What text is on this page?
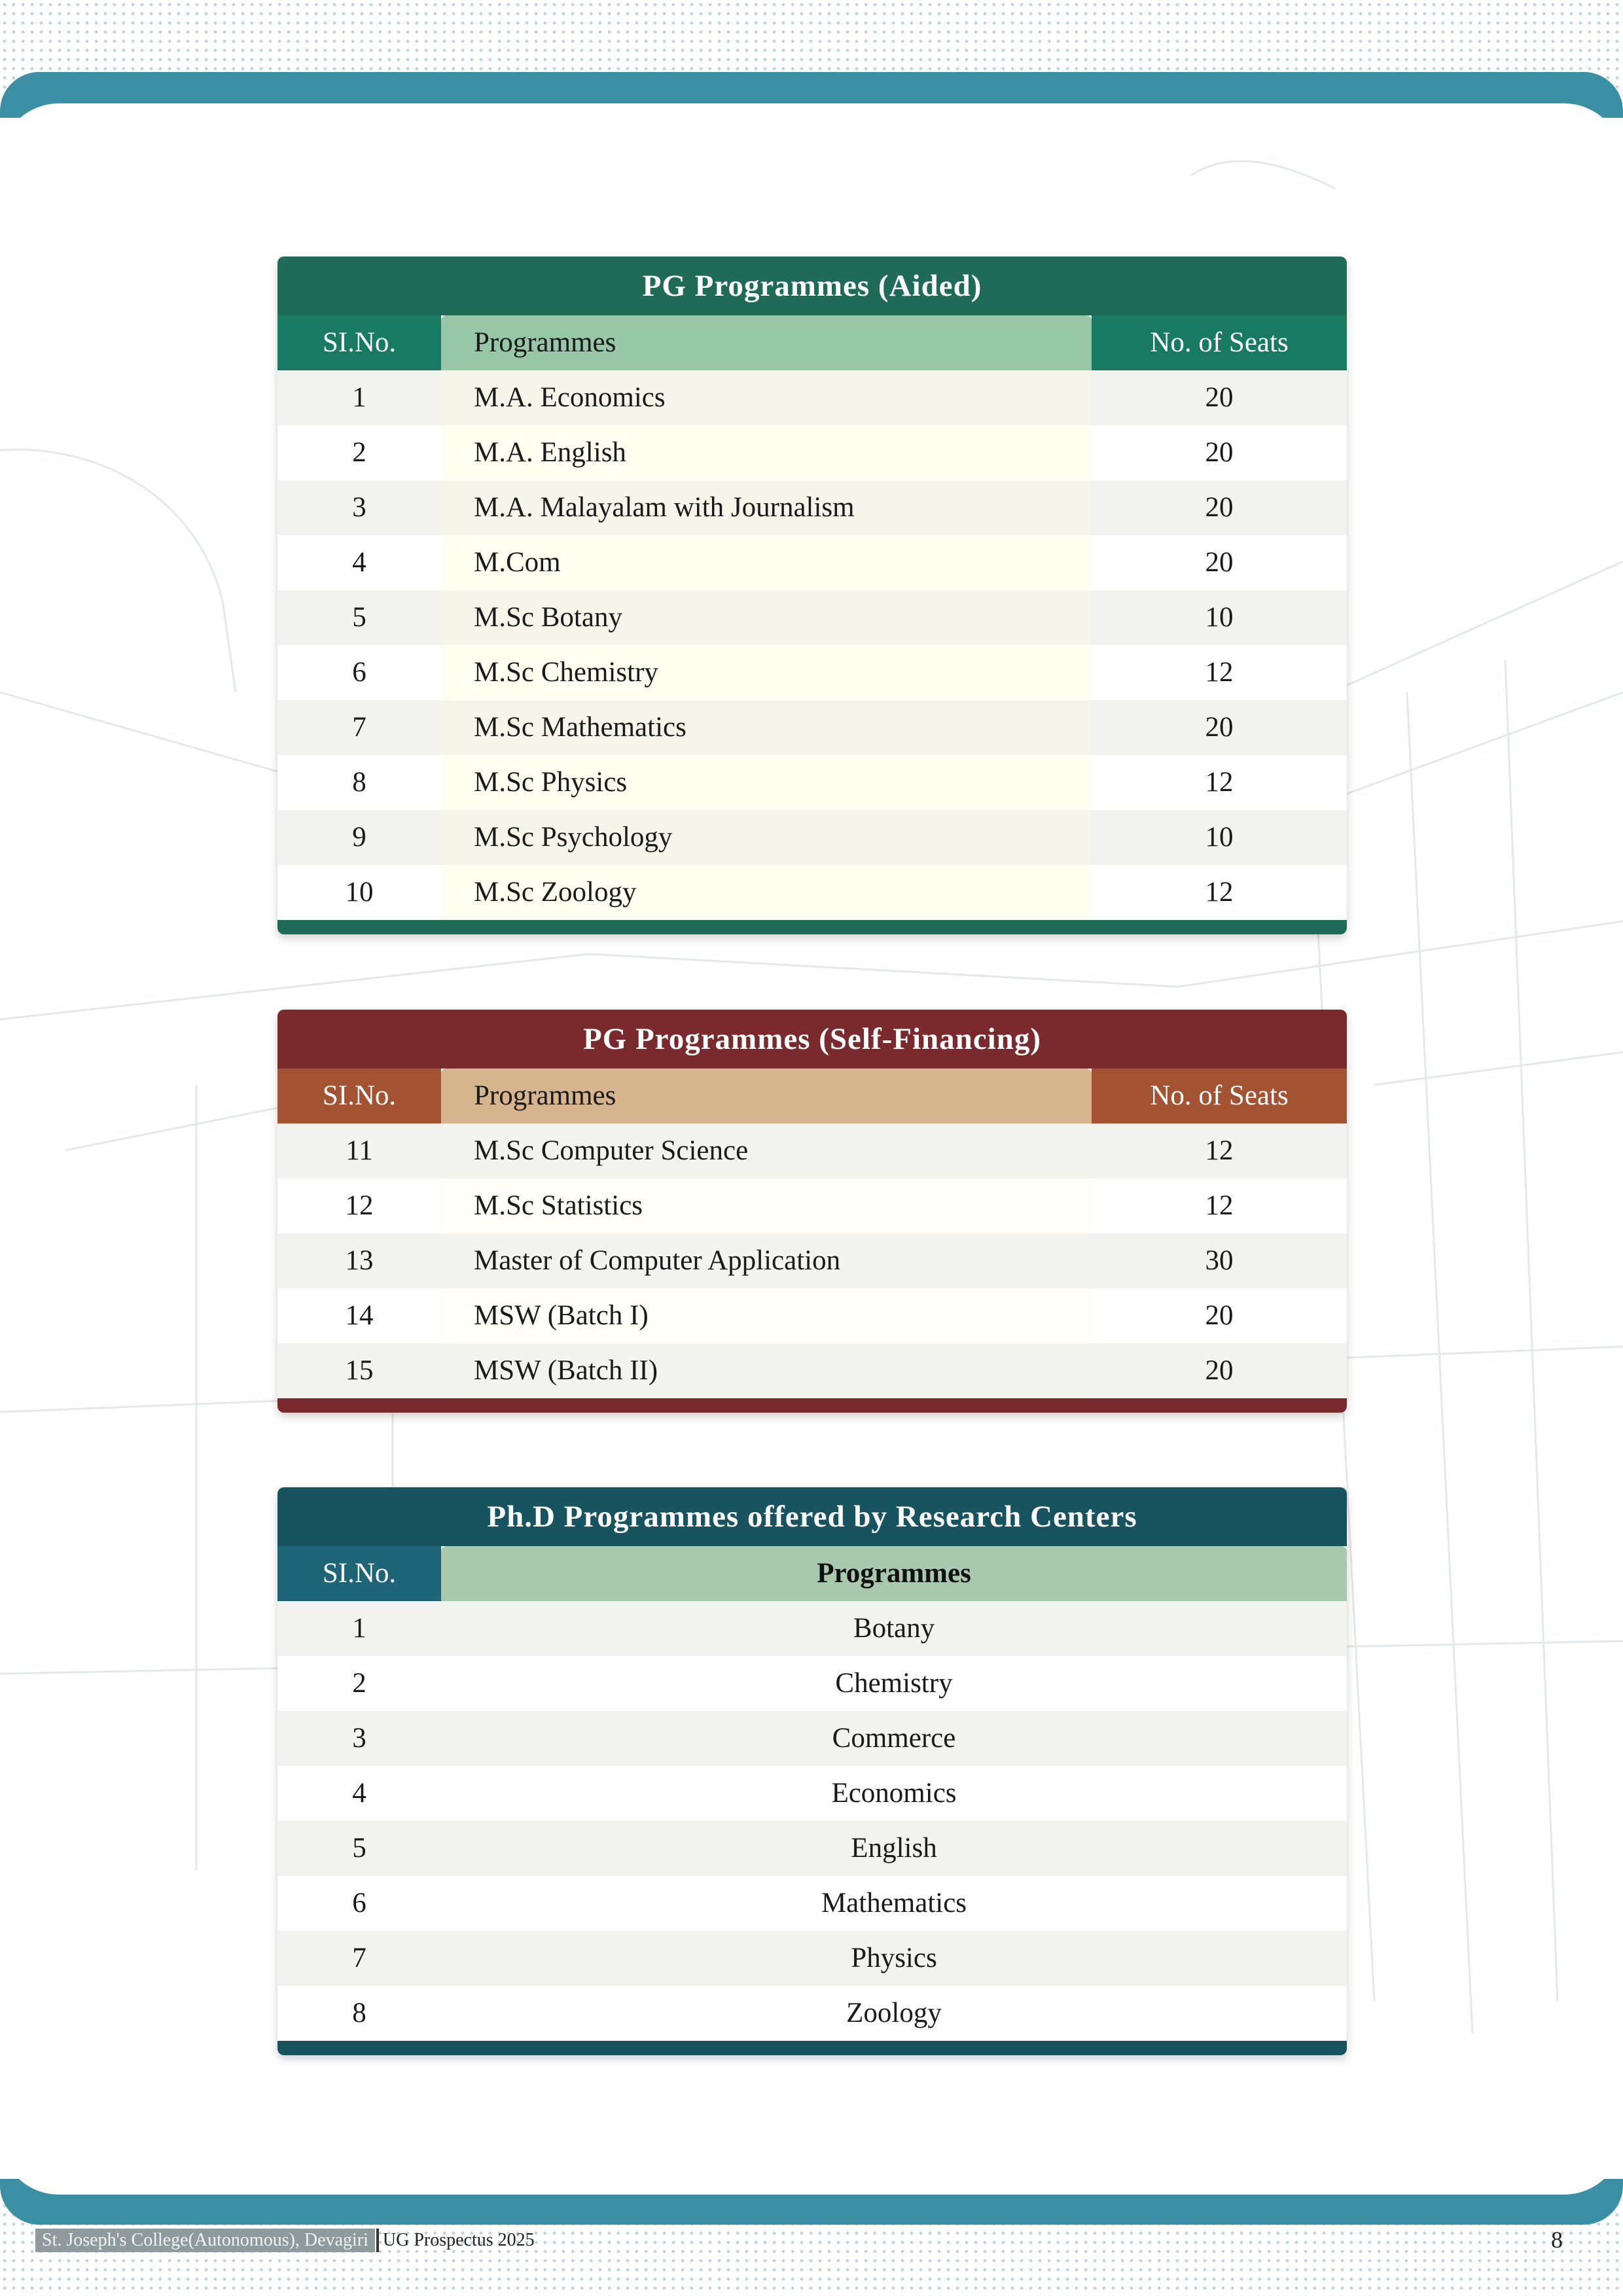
PG Programmes (Aided)
SI.No.	Programmes	No. of Seats
1	M.A. Economics	20
2	M.A. English	20
3	M.A. Malayalam with Journalism	20
4	M.Com	20
5	M.Sc Botany	10
6	M.Sc Chemistry	12
7	M.Sc Mathematics	20
8	M.Sc Physics	12
9	M.Sc Psychology	10
10	M.Sc Zoology	12
PG Programmes (Self-Financing)
SI.No.	Programmes	No. of Seats
11	M.Sc Computer Science	12
12	M.Sc Statistics	12
13	Master of Computer Application	30
14	MSW (Batch I)	20
15	MSW (Batch II)	20
Ph.D Programmes offered by Research Centers
SI.No.	Programmes
1	Botany
2	Chemistry
3	Commerce
4	Economics
5	English
6	Mathematics
7	Physics
8	Zoology
St. Joseph's College(Autonomous), Devagiri UG Prospectus 2025	8
